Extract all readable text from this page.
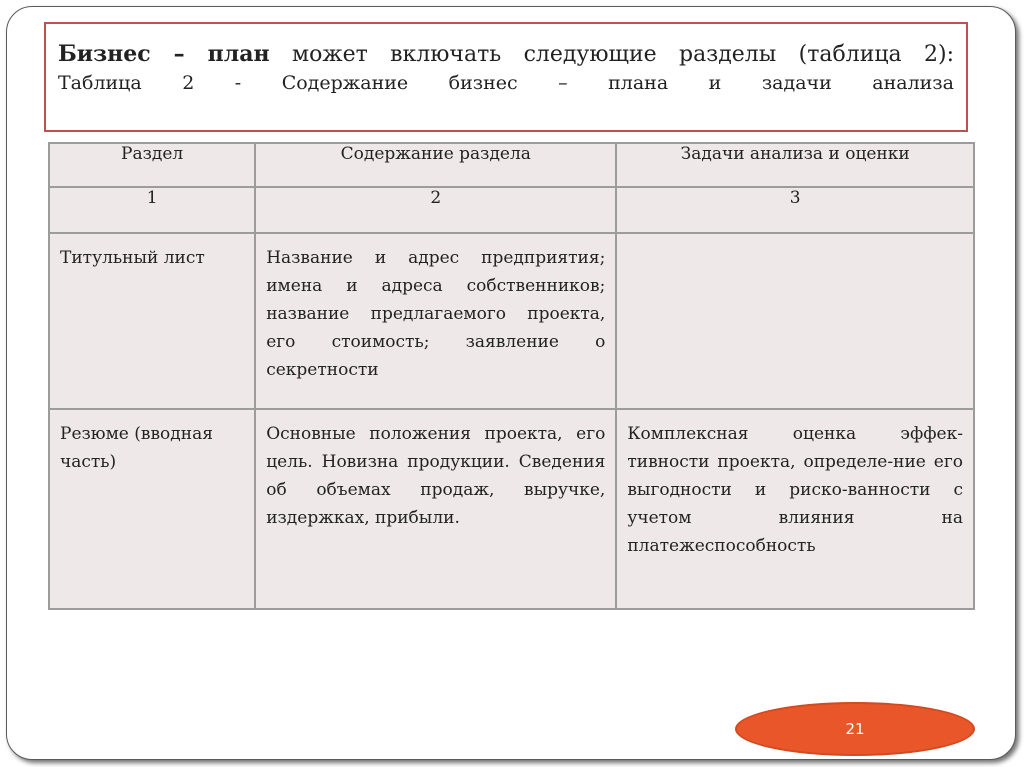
Бизнес – план может включать следующие разделы (таблица 2):
Таблица 2 - Содержание бизнес – плана и задачи анализа
Раздел	Содержание раздела	Задачи анализа и оценки
1	2	3

Титульный лист	Название и адрес предприятия; имена и адреса собственников; название предлагаемого проекта, его стоимость; заявление о секретности	

Резюме (вводная часть)	Основные положения проекта, его цель. Новизна продукции. Сведения об объемах продаж, выручке, издержках, прибыли.	Комплексная оценка эффек-тивности проекта, определе-ние его выгодности и риско-ванности с учетом влияния на платежеспособность
21
